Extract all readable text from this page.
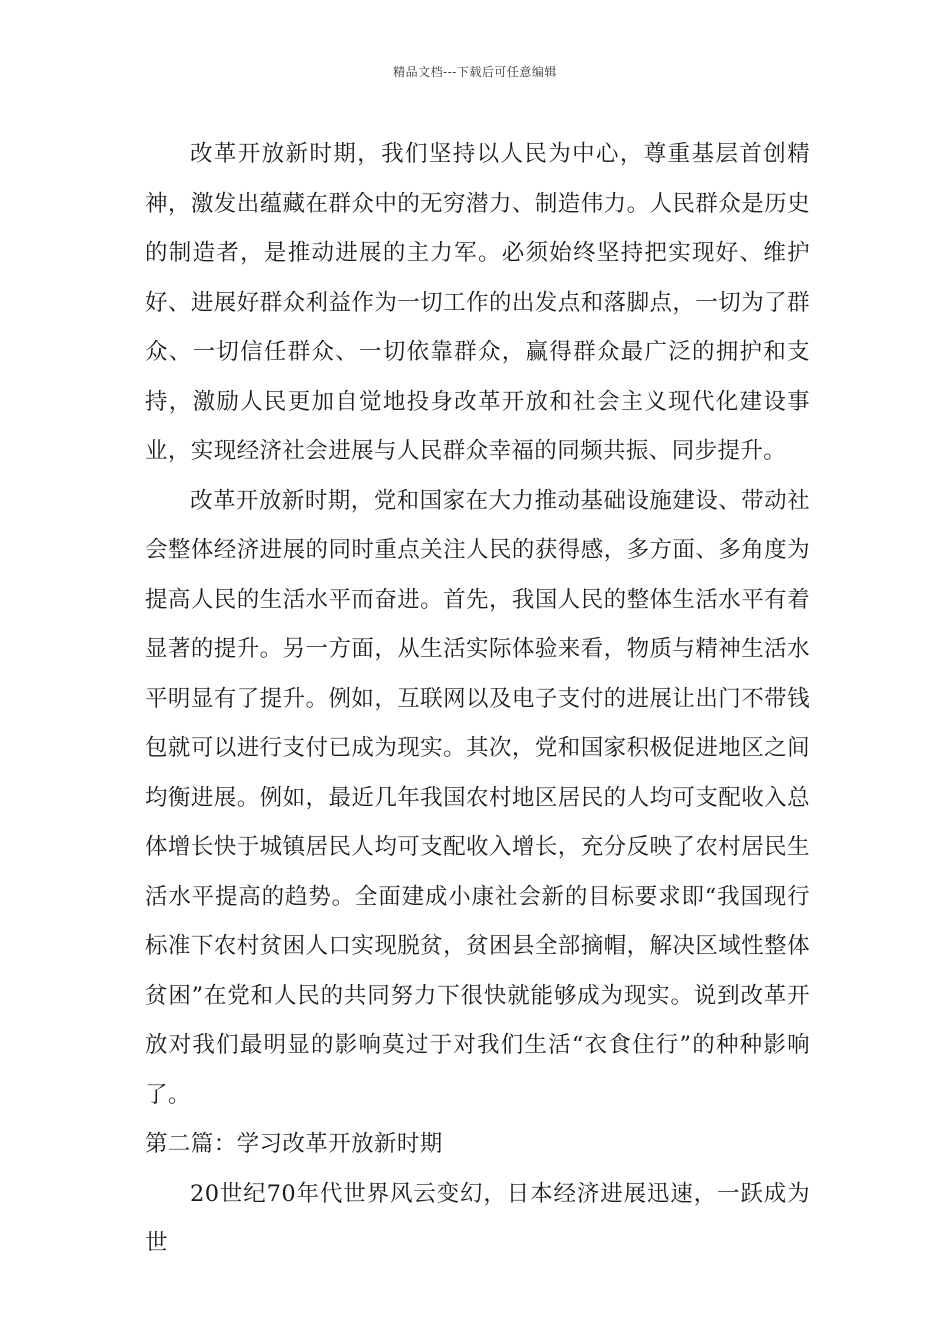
精品文档---下载后可任意编辑

改革开放新时期，我们坚持以人民为中心，尊重基层首创精神，激发出蕴藏在群众中的无穷潜力、制造伟力。人民群众是历史的制造者，是推动进展的主力军。必须始终坚持把实现好、维护好、进展好群众利益作为一切工作的出发点和落脚点，一切为了群众、一切信任群众、一切依靠群众，赢得群众最广泛的拥护和支持，激励人民更加自觉地投身改革开放和社会主义现代化建设事业，实现经济社会进展与人民群众幸福的同频共振、同步提升。

改革开放新时期，党和国家在大力推动基础设施建设、带动社会整体经济进展的同时重点关注人民的获得感，多方面、多角度为提高人民的生活水平而奋进。首先，我国人民的整体生活水平有着显著的提升。另一方面，从生活实际体验来看，物质与精神生活水平明显有了提升。例如，互联网以及电子支付的进展让出门不带钱包就可以进行支付已成为现实。其次，党和国家积极促进地区之间均衡进展。例如，最近几年我国农村地区居民的人均可支配收入总体增长快于城镇居民人均可支配收入增长，充分反映了农村居民生活水平提高的趋势。全面建成小康社会新的目标要求即“我国现行标准下农村贫困人口实现脱贫，贫困县全部摘帽，解决区域性整体贫困”在党和人民的共同努力下很快就能够成为现实。说到改革开放对我们最明显的影响莫过于对我们生活“衣食住行”的种种影响了。

第二篇：学习改革开放新时期

20世纪70年代世界风云变幻，日本经济进展迅速，一跃成为世
